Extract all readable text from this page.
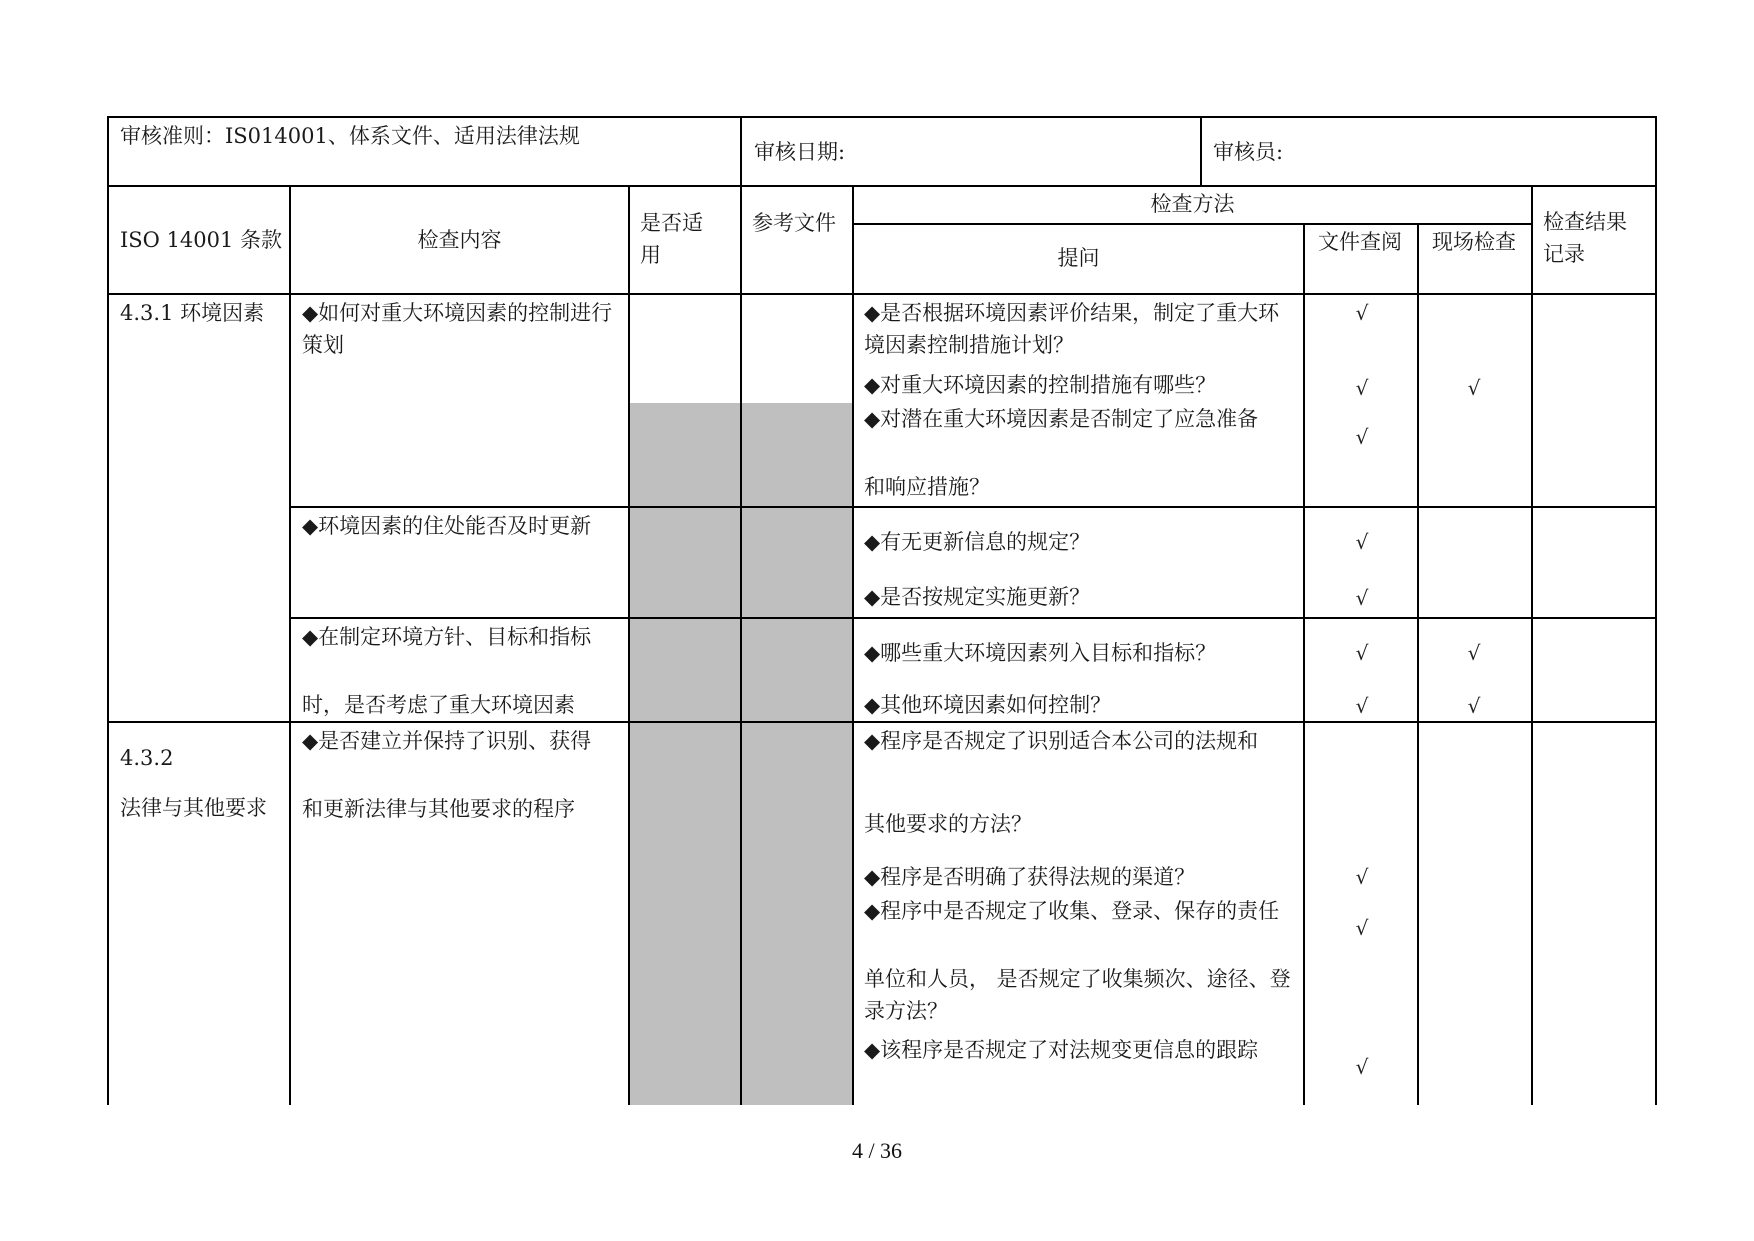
审核准则：IS014001、体系文件、适用法律法规
审核日期:	审核员:
ISO 14001 条款	检查内容
是否适用
参考文件
检查方法
提问
文件查阅 现场检查
检查结果记录
4.3.1 环境因素
4.3.2
法律与其他要求
◆如何对重大环境因素的控制进行策划
◆是否根据环境因素评价结果，制定了重大环境因素控制措施计划？
◆对重大环境因素的控制措施有哪些？
◆对潜在重大环境因素是否制定了应急准备
和响应措施？
◆环境因素的住处能否及时更新
◆有无更新信息的规定？
◆是否按规定实施更新？
◆在制定环境方针、目标和指标
时，是否考虑了重大环境因素
◆哪些重大环境因素列入目标和指标？
◆其他环境因素如何控制？
◆是否建立并保持了识别、获得
和更新法律与其他要求的程序
◆程序是否规定了识别适合本公司的法规和
其他要求的方法？
◆程序是否明确了获得法规的渠道？
◆程序中是否规定了收集、登录、保存的责任
单位和人员， 是否规定了收集频次、途径、登录方法？
◆该程序是否规定了对法规变更信息的跟踪
√
√
√
√
√
√
√
√
√
√
√
√
√
4 / 36
